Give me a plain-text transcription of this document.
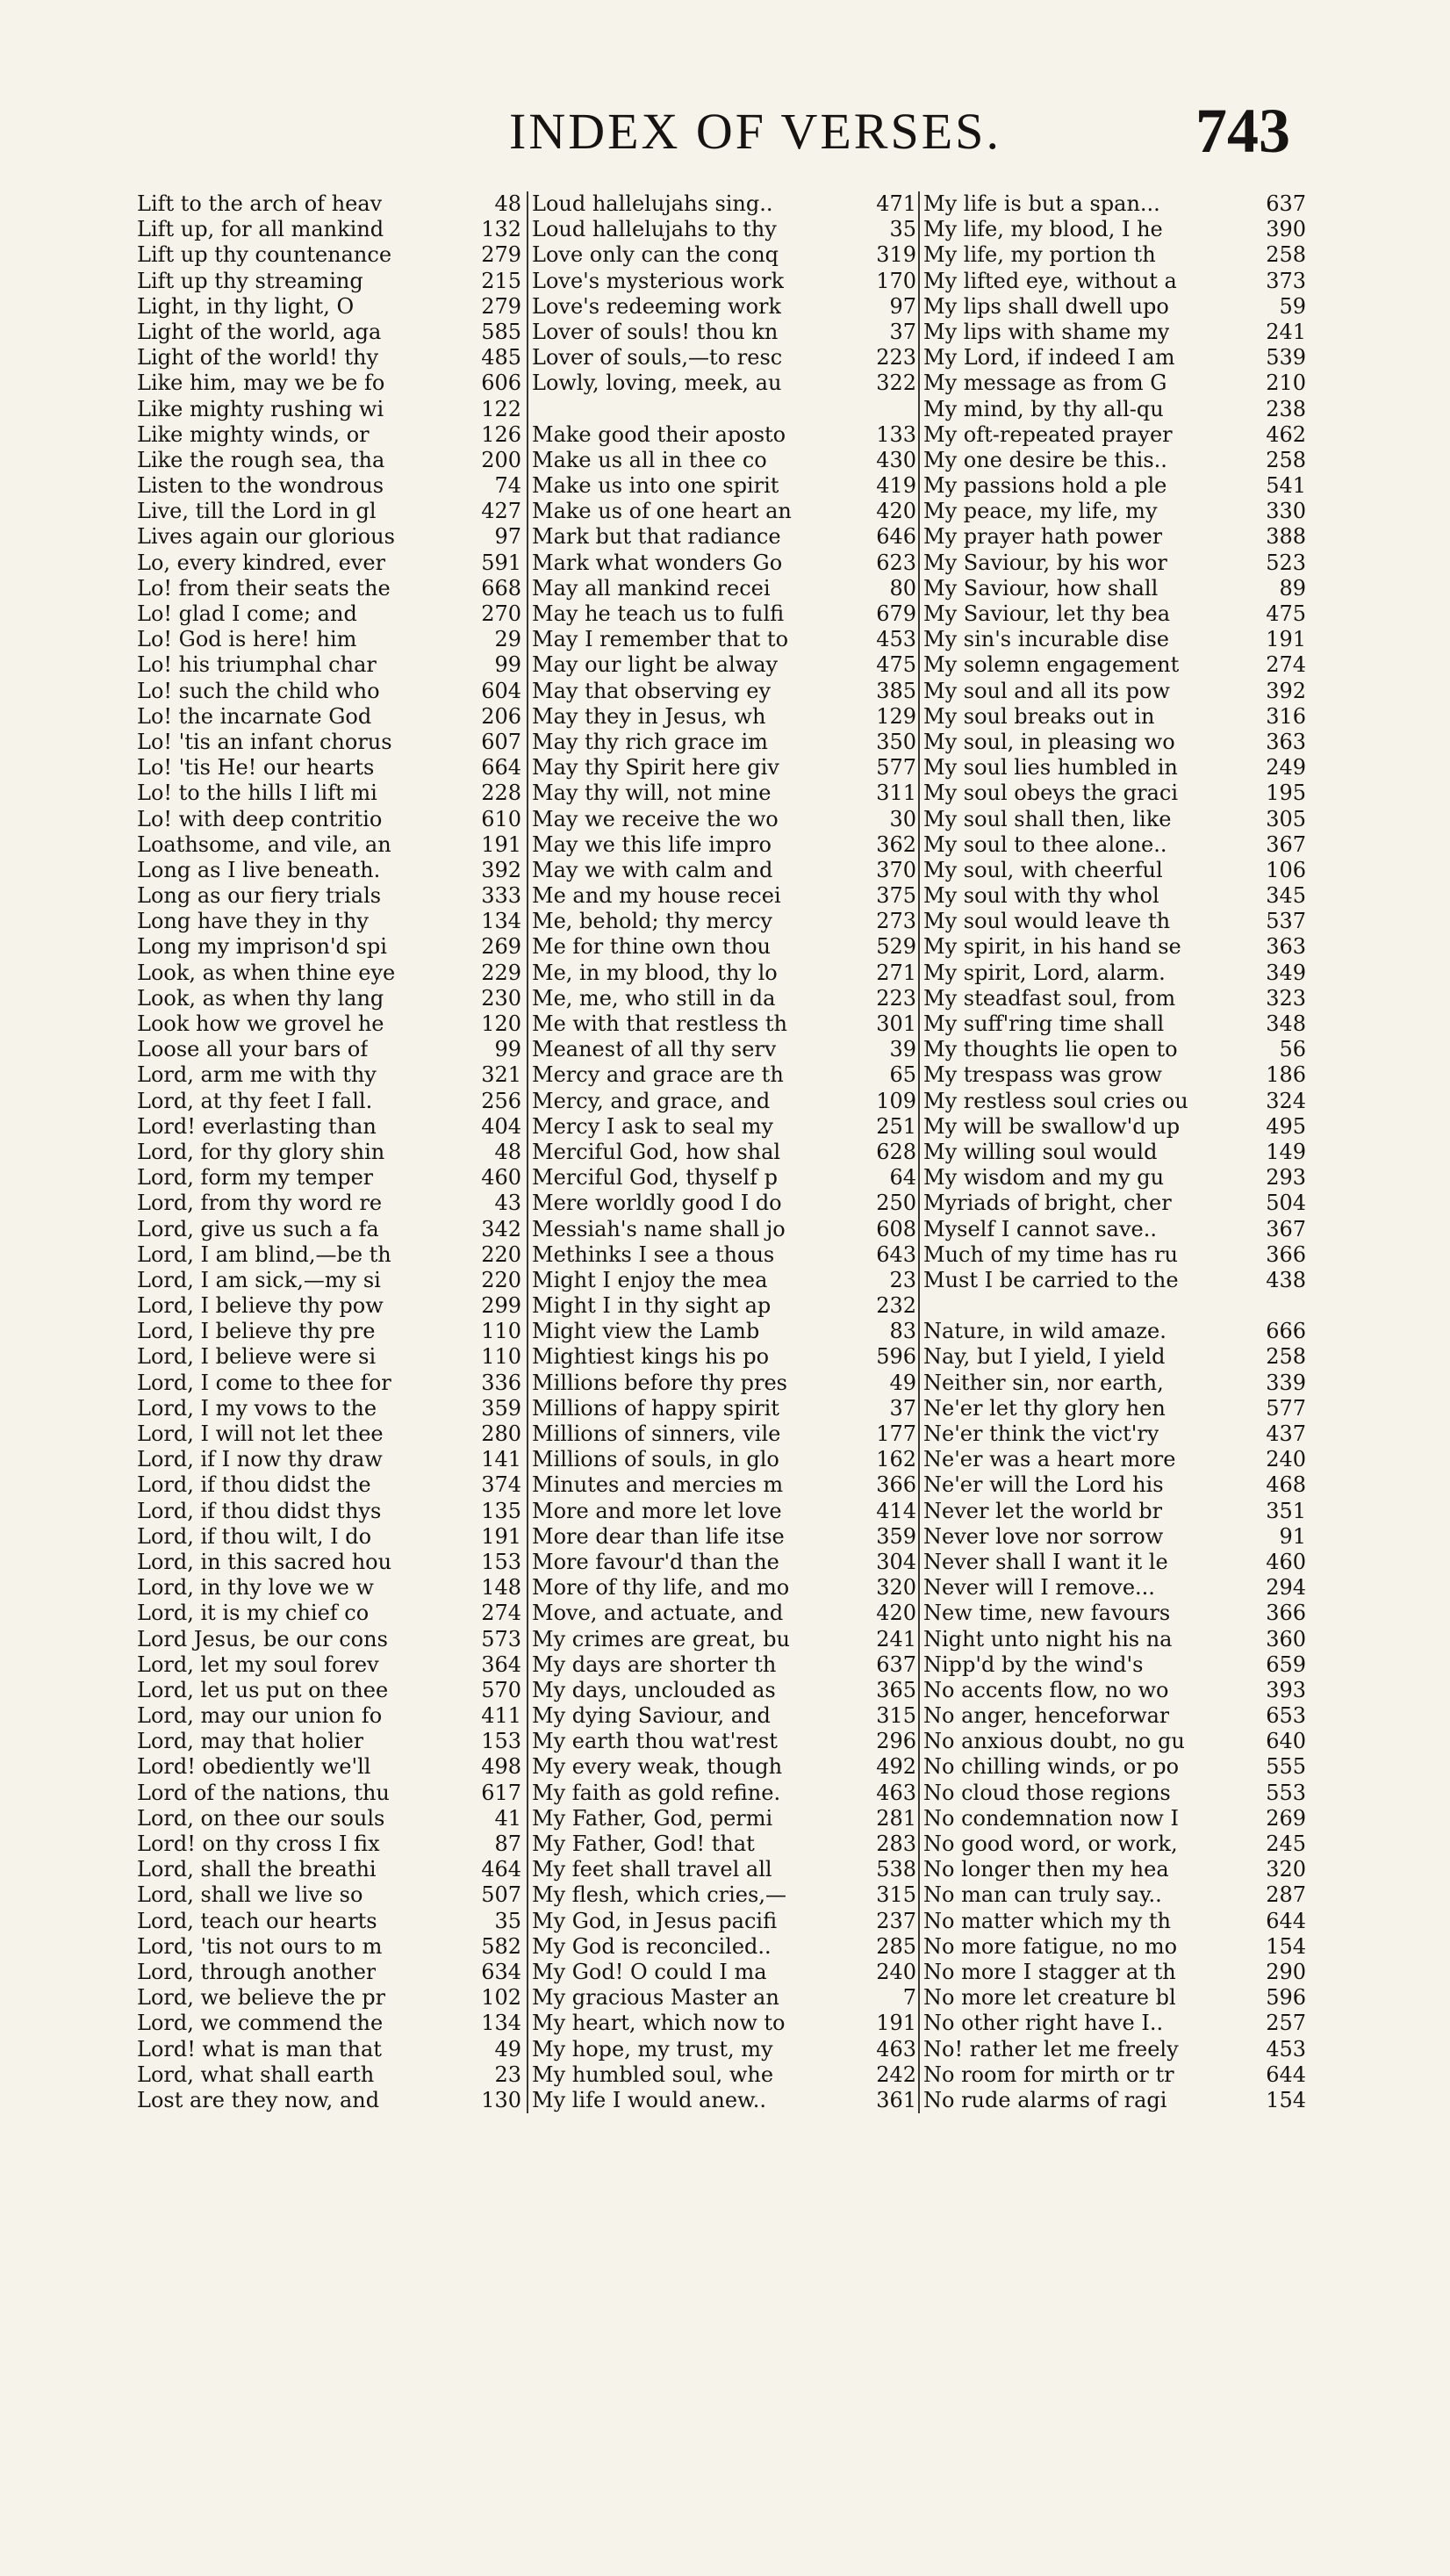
INDEX OF VERSES.	743
Lift to the arch of heav	48
Lift up, for all mankind	132
Lift up thy countenance	279
Lift up thy streaming	215
Light, in thy light, O	279
Light of the world, aga	585
Light of the world! thy	485
Like him, may we be fo	606
Like mighty rushing wi	122
Like mighty winds, or	126
Like the rough sea, tha	200
Listen to the wondrous	74
Live, till the Lord in gl	427
Lives again our glorious	97
Lo, every kindred, ever	591
Lo! from their seats the	668
Lo! glad I come; and	270
Lo! God is here! him	29
Lo! his triumphal char	99
Lo! such the child who	604
Lo! the incarnate God	206
Lo! 'tis an infant chorus	607
Lo! 'tis He! our hearts	664
Lo! to the hills I lift mi	228
Lo! with deep contritio	610
Loathsome, and vile, an	191
Long as I live beneath.	392
Long as our fiery trials	333
Long have they in thy	134
Long my imprison'd spi	269
Look, as when thine eye	229
Look, as when thy lang	230
Look how we grovel he	120
Loose all your bars of	99
Lord, arm me with thy	321
Lord, at thy feet I fall.	256
Lord! everlasting than	404
Lord, for thy glory shin	48
Lord, form my temper	460
Lord, from thy word re	43
Lord, give us such a fa	342
Lord, I am blind,—be th	220
Lord, I am sick,—my si	220
Lord, I believe thy pow	299
Lord, I believe thy pre	110
Lord, I believe were si	110
Lord, I come to thee for	336
Lord, I my vows to the	359
Lord, I will not let thee	280
Lord, if I now thy draw	141
Lord, if thou didst the	374
Lord, if thou didst thys	135
Lord, if thou wilt, I do	191
Lord, in this sacred hou	153
Lord, in thy love we w	148
Lord, it is my chief co	274
Lord Jesus, be our cons	573
Lord, let my soul forev	364
Lord, let us put on thee	570
Lord, may our union fo	411
Lord, may that holier	153
Lord! obediently we'll	498
Lord of the nations, thu	617
Lord, on thee our souls	41
Lord! on thy cross I fix	87
Lord, shall the breathi	464
Lord, shall we live so	507
Lord, teach our hearts	35
Lord, 'tis not ours to m	582
Lord, through another	634
Lord, we believe the pr	102
Lord, we commend the	134
Lord! what is man that	49
Lord, what shall earth	23
Lost are they now, and	130
Loud hallelujahs sing..	471
Loud hallelujahs to thy	35
Love only can the conq	319
Love's mysterious work	170
Love's redeeming work	97
Lover of souls! thou kn	37
Lover of souls,—to resc	223
Lowly, loving, meek, au	322
Make good their aposto	133
Make us all in thee co	430
Make us into one spirit	419
Make us of one heart an	420
Mark but that radiance	646
Mark what wonders Go	623
May all mankind recei	80
May he teach us to fulfi	679
May I remember that to	453
May our light be alway	475
May that observing ey	385
May they in Jesus, wh	129
May thy rich grace im	350
May thy Spirit here giv	577
May thy will, not mine	311
May we receive the wo	30
May we this life impro	362
May we with calm and	370
Me and my house recei	375
Me, behold; thy mercy	273
Me for thine own thou	529
Me, in my blood, thy lo	271
Me, me, who still in da	223
Me with that restless th	301
Meanest of all thy serv	39
Mercy and grace are th	65
Mercy, and grace, and	109
Mercy I ask to seal my	251
Merciful God, how shal	628
Merciful God, thyself p	64
Mere worldly good I do	250
Messiah's name shall jo	608
Methinks I see a thous	643
Might I enjoy the mea	23
Might I in thy sight ap	232
Might view the Lamb	83
Mightiest kings his po	596
Millions before thy pres	49
Millions of happy spirit	37
Millions of sinners, vile	177
Millions of souls, in glo	162
Minutes and mercies m	366
More and more let love	414
More dear than life itse	359
More favour'd than the	304
More of thy life, and mo	320
Move, and actuate, and	420
My crimes are great, bu	241
My days are shorter th	637
My days, unclouded as	365
My dying Saviour, and	315
My earth thou wat'rest	296
My every weak, though	492
My faith as gold refine.	463
My Father, God, permi	281
My Father, God! that	283
My feet shall travel all	538
My flesh, which cries,—	315
My God, in Jesus pacifi	237
My God is reconciled..	285
My God! O could I ma	240
My gracious Master an	7
My heart, which now to	191
My hope, my trust, my	463
My humbled soul, whe	242
My life I would anew..	361
My life is but a span...	637
My life, my blood, I he	390
My life, my portion th	258
My lifted eye, without a	373
My lips shall dwell upo	59
My lips with shame my	241
My Lord, if indeed I am	539
My message as from G	210
My mind, by thy all-qu	238
My oft-repeated prayer	462
My one desire be this..	258
My passions hold a ple	541
My peace, my life, my	330
My prayer hath power	388
My Saviour, by his wor	523
My Saviour, how shall	89
My Saviour, let thy bea	475
My sin's incurable dise	191
My solemn engagement	274
My soul and all its pow	392
My soul breaks out in	316
My soul, in pleasing wo	363
My soul lies humbled in	249
My soul obeys the graci	195
My soul shall then, like	305
My soul to thee alone..	367
My soul, with cheerful	106
My soul with thy whol	345
My soul would leave th	537
My spirit, in his hand se	363
My spirit, Lord, alarm.	349
My steadfast soul, from	323
My suff'ring time shall	348
My thoughts lie open to	56
My trespass was grow	186
My restless soul cries ou	324
My will be swallow'd up	495
My willing soul would	149
My wisdom and my gu	293
Myriads of bright, cher	504
Myself I cannot save..	367
Much of my time has ru	366
Must I be carried to the	438
Nature, in wild amaze.	666
Nay, but I yield, I yield	258
Neither sin, nor earth,	339
Ne'er let thy glory hen	577
Ne'er think the vict'ry	437
Ne'er was a heart more	240
Ne'er will the Lord his	468
Never let the world br	351
Never love nor sorrow	91
Never shall I want it le	460
Never will I remove...	294
New time, new favours	366
Night unto night his na	360
Nipp'd by the wind's	659
No accents flow, no wo	393
No anger, henceforwar	653
No anxious doubt, no gu	640
No chilling winds, or po	555
No cloud those regions	553
No condemnation now I	269
No good word, or work,	245
No longer then my hea	320
No man can truly say..	287
No matter which my th	644
No more fatigue, no mo	154
No more I stagger at th	290
No more let creature bl	596
No other right have I..	257
No! rather let me freely	453
No room for mirth or tr	644
No rude alarms of ragi	154
